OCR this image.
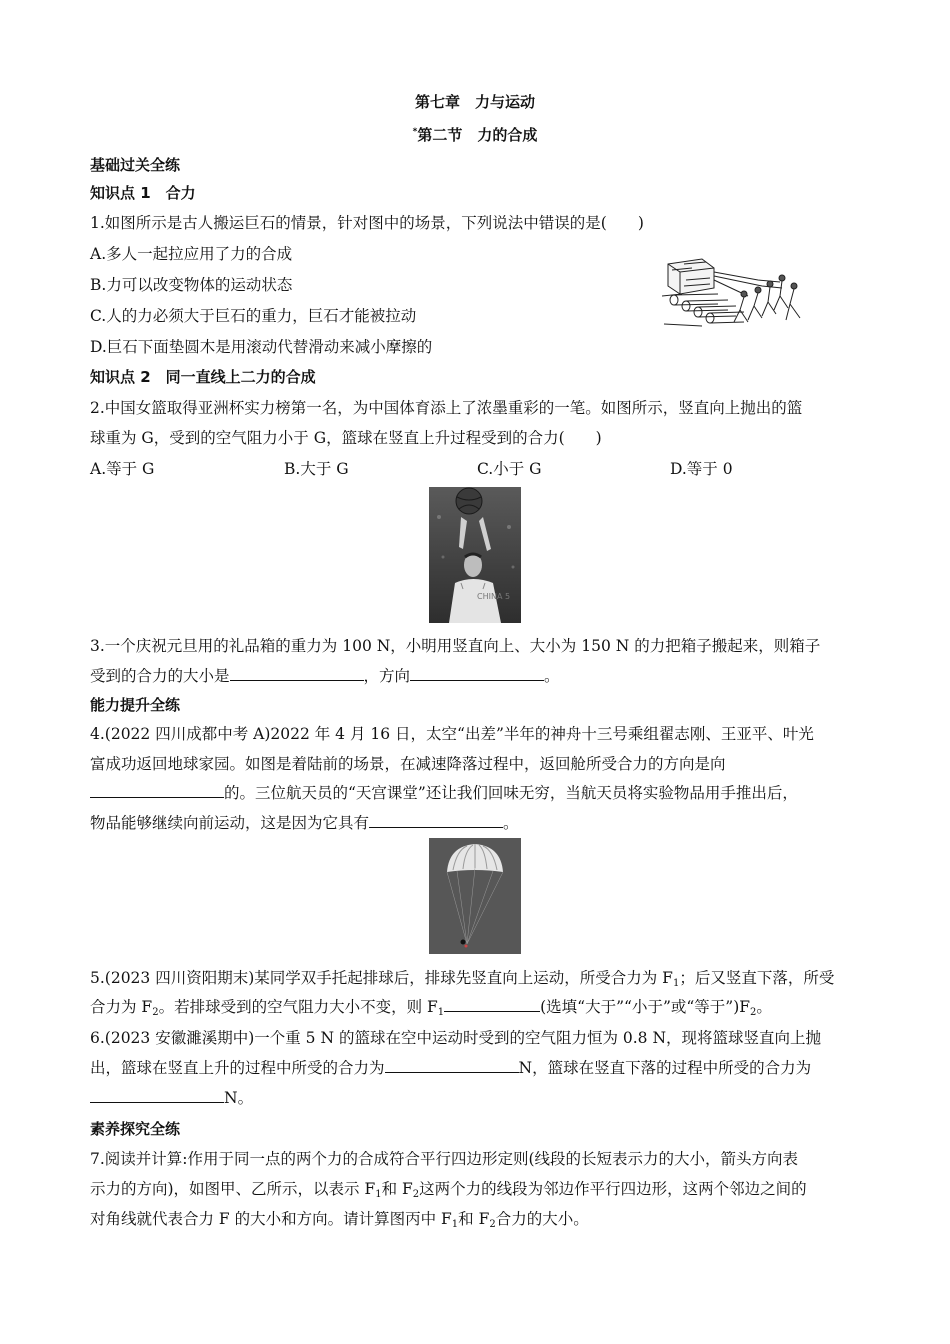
第七章　力与运动
*第二节　力的合成
基础过关全练
知识点 1　合力
1.如图所示是古人搬运巨石的情景，针对图中的场景，下列说法中错误的是(　　)
A.多人一起拉应用了力的合成
B.力可以改变物体的运动状态
C.人的力必须大于巨石的重力，巨石才能被拉动
D.巨石下面垫圆木是用滚动代替滑动来减小摩擦的
知识点 2　同一直线上二力的合成
2.中国女篮取得亚洲杯实力榜第一名，为中国体育添上了浓墨重彩的一笔。如图所示，竖直向上抛出的篮
球重为 G，受到的空气阻力小于 G，篮球在竖直上升过程受到的合力(　　)
A.等于 G	B.大于 G	C.小于 G	D.等于 0
CHINA 5
3.一个庆祝元旦用的礼品箱的重力为 100 N，小明用竖直向上、大小为 150 N 的力把箱子搬起来，则箱子
受到的合力的大小是	，方向	。
能力提升全练
4.(2022 四川成都中考 A)2022 年 4 月 16 日，太空“出差”半年的神舟十三号乘组翟志刚、王亚平、叶光
富成功返回地球家园。如图是着陆前的场景，在减速降落过程中，返回舱所受合力的方向是向
的。三位航天员的“天宫课堂”还让我们回味无穷，当航天员将实验物品用手推出后，
物品能够继续向前运动，这是因为它具有	。
5.(2023 四川资阳期末)某同学双手托起排球后，排球先竖直向上运动，所受合力为 $F_1$；后又竖直下落，所受
合力为 $F_2$。若排球受到的空气阻力大小不变，则 $F_1$	(选填“大于”“小于”或“等于$”)F_2$。
6.(2023 安徽濉溪期中)一个重 5 N 的篮球在空中运动时受到的空气阻力恒为 0.8 N，现将篮球竖直向上抛
出，篮球在竖直上升的过程中所受的合力为	N，篮球在竖直下落的过程中所受的合力为
N。
素养探究全练
7.阅读并计算:作用于同一点的两个力的合成符合平行四边形定则(线段的长短表示力的大小，箭头方向表
示力的方向)，如图甲、乙所示，以表示 $F_1$和 $F_2$这两个力的线段为邻边作平行四边形，这两个邻边之间的
对角线就代表合力 F 的大小和方向。请计算图丙中 $F_1$和 $F_2$合力的大小。
